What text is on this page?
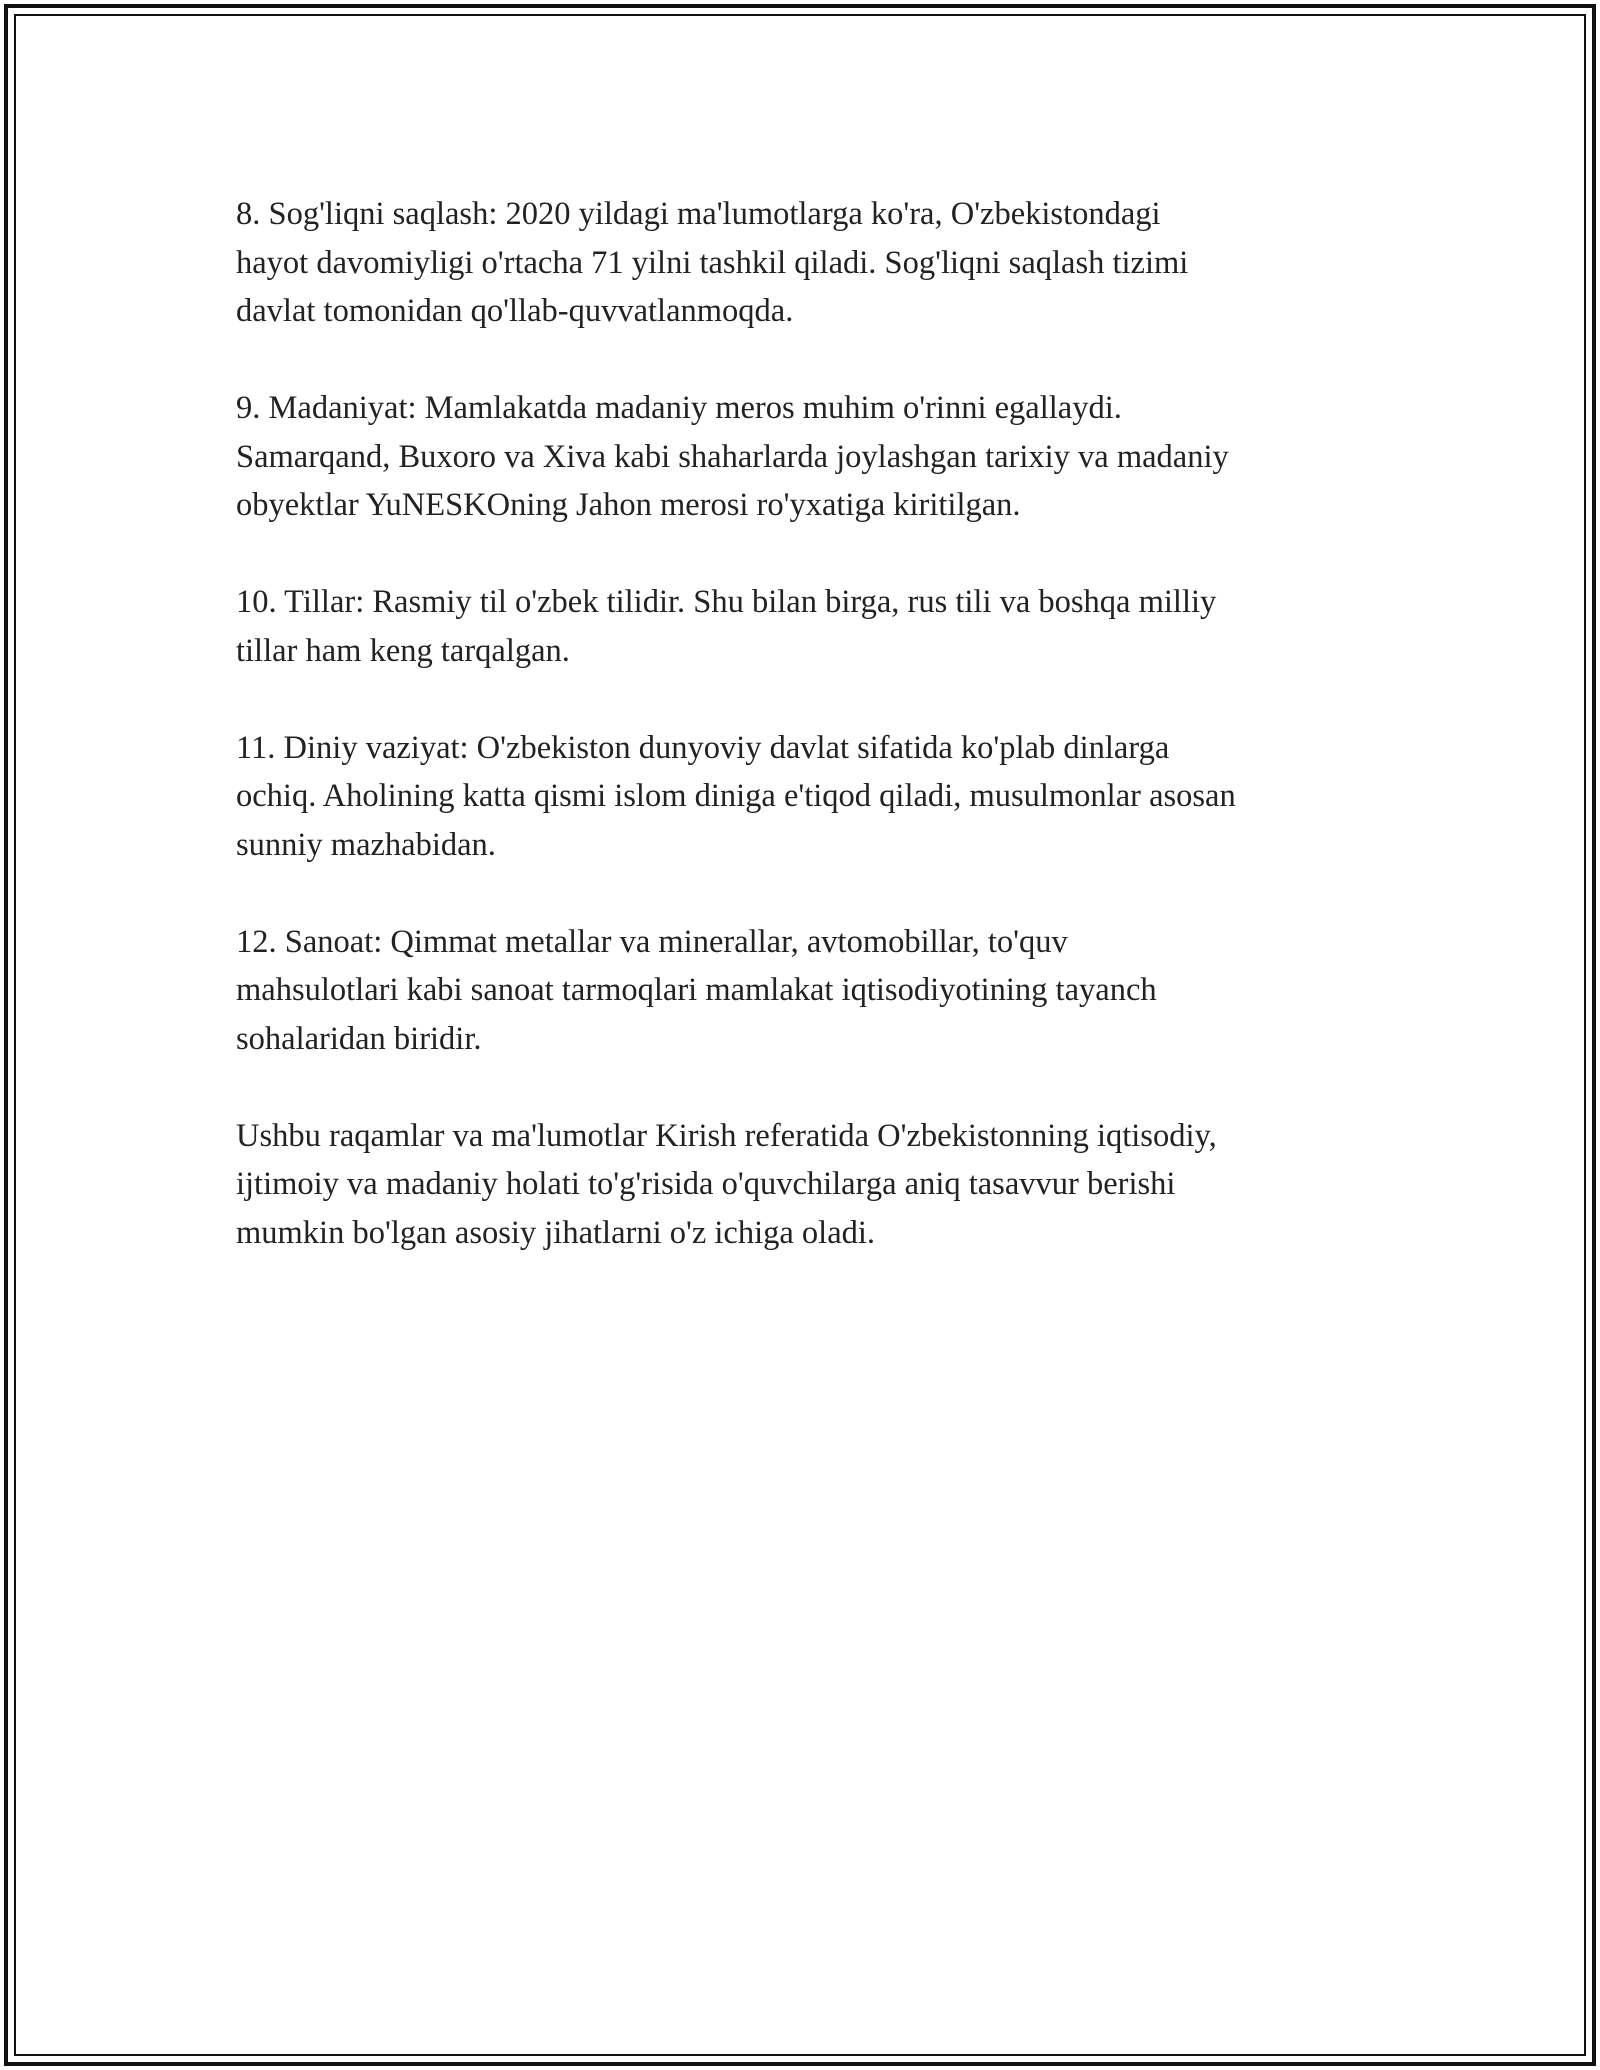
8. Sog'liqni saqlash: 2020 yildagi ma'lumotlarga ko'ra, O'zbekistondagi
hayot davomiyligi o'rtacha 71 yilni tashkil qiladi. Sog'liqni saqlash tizimi
davlat tomonidan qo'llab-quvvatlanmoqda.

9. Madaniyat: Mamlakatda madaniy meros muhim o'rinni egallaydi.
Samarqand, Buxoro va Xiva kabi shaharlarda joylashgan tarixiy va madaniy
obyektlar YuNESKOning Jahon merosi ro'yxatiga kiritilgan.

10. Tillar: Rasmiy til o'zbek tilidir. Shu bilan birga, rus tili va boshqa milliy
tillar ham keng tarqalgan.

11. Diniy vaziyat: O'zbekiston dunyoviy davlat sifatida ko'plab dinlarga
ochiq. Aholining katta qismi islom diniga e'tiqod qiladi, musulmonlar asosan
sunniy mazhabidan.

12. Sanoat: Qimmat metallar va minerallar, avtomobillar, to'quv
mahsulotlari kabi sanoat tarmoqlari mamlakat iqtisodiyotining tayanch
sohalaridan biridir.

Ushbu raqamlar va ma'lumotlar Kirish referatida O'zbekistonning iqtisodiy,
ijtimoiy va madaniy holati to'g'risida o'quvchilarga aniq tasavvur berishi
mumkin bo'lgan asosiy jihatlarni o'z ichiga oladi.
